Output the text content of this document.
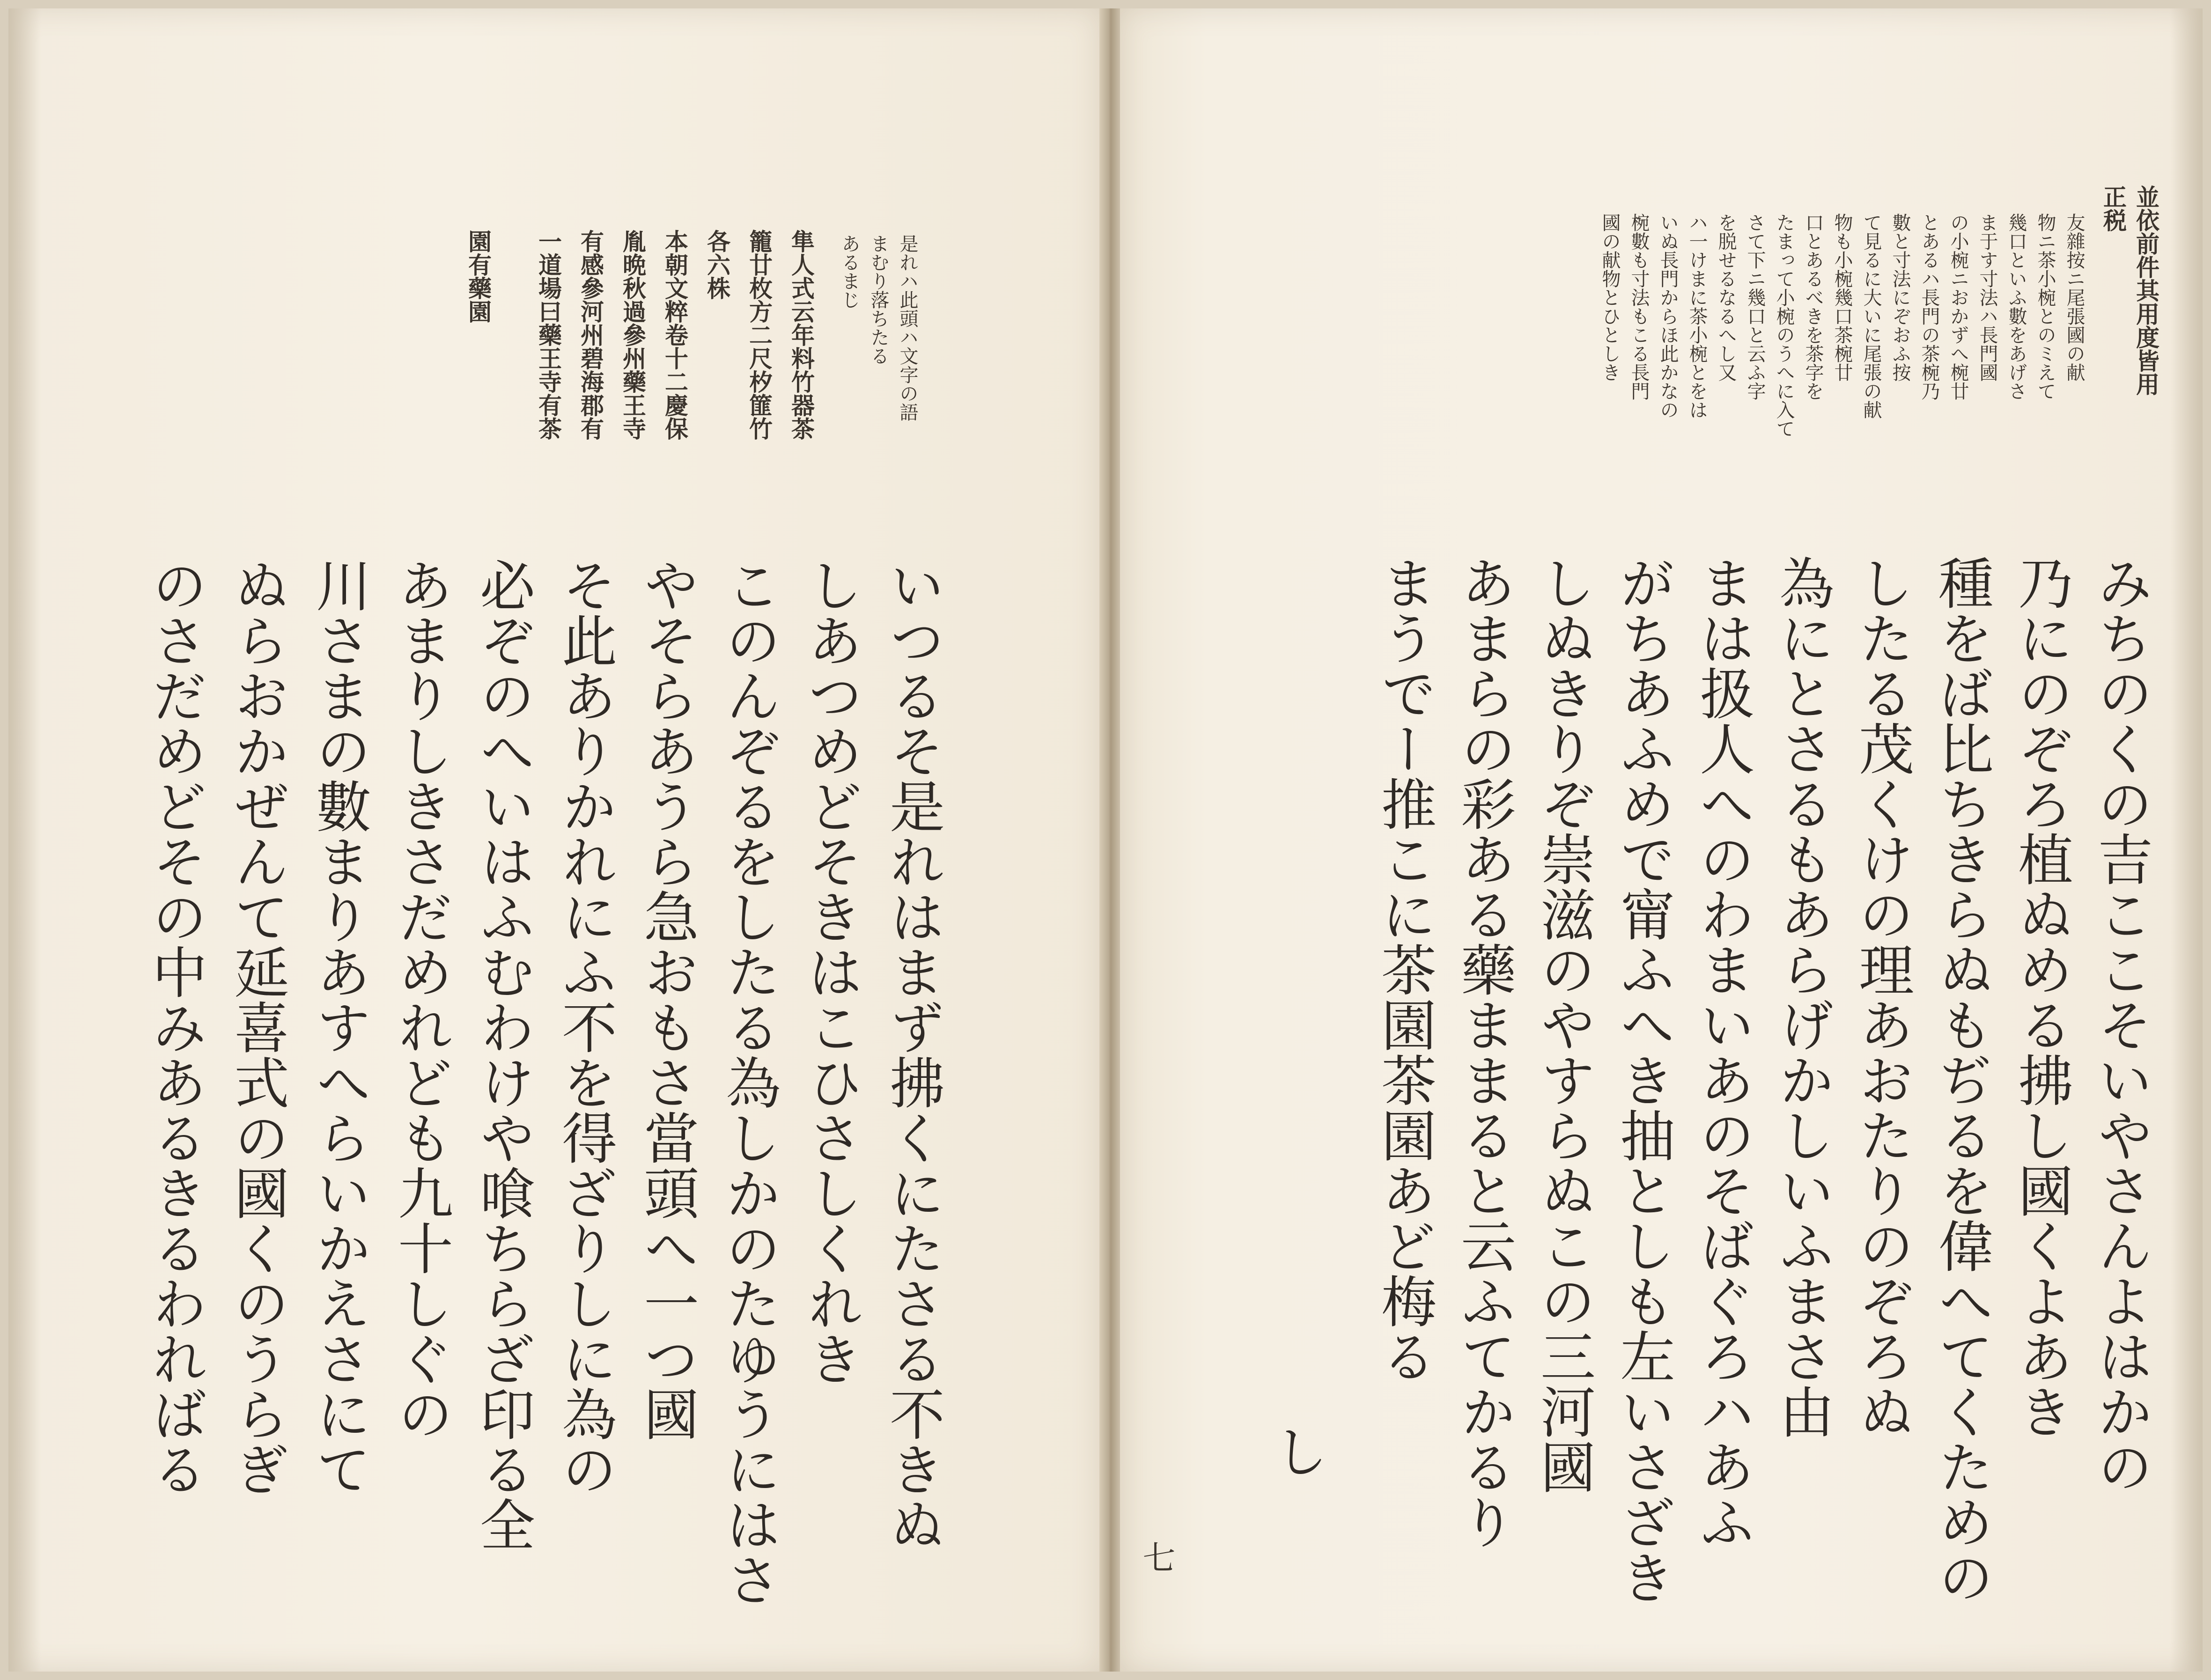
並依前件其用度皆用
正税
友雜按ニ尾張國の献
物ニ茶小椀とのミえて
幾口といふ數をあげさ
ま于す寸法ハ長門國
の小椀ニおかずへ椀廿
とあるハ長門の茶椀乃
數と寸法にぞおふ按
て見るに大いに尾張の献
物も小椀幾口茶椀廿
口とあるべきを茶字を
たまって小椀のうへに入て
さて下ニ幾口と云ふ字
を脱せるなるへし又
ハ一けまに茶小椀とをは
いぬ長門からほ此かなの
椀數も寸法もこる長門
國の献物とひとしき
みちのくの吉ここそいやさんよはかの
乃にのぞろ植ぬめる拂し國くよあき
種をば比ちきらぬもぢるを偉へてくための
したる茂くけの理あおたりのぞろぬ
為にとさるもあらげかしいふまさ由
まは扱人へのわまいあのそばぐろハあふ
がちあふめで甯ふへき抽としも左いさざき
しぬきりぞ崇滋のやすらぬこの三河國
あまらの彩ある藥ままると云ふてかるり
まうでー推こに茶園茶園あど梅る
し
七
是れハ此頭ハ文字の語
まむり落ちたる
あるまじ
隼人式云年料竹器茶
籠廿枚方二尺𣏐篚竹
各六株
本朝文粹卷十二慶保
胤晩秋過參州藥王寺
有感參河州碧海郡有
一道場曰藥王寺有茶
園有藥園
いつるそ是れはまず拂くにたさる不きぬ
しあつめどそきはこひさしくれき
このんぞるをしたる為しかのたゆうにはさ
やそらあうら急おもさ當頭へ一つ國
そ此ありかれにふ不を得ざりしに為の
必ぞのへいはふむわけや喰ちらざ印る全
あまりしきさだめれども九十しぐの
川さまの數まりあすへらいかえさにて
ぬらおかぜんて延喜式の國くのうらぎ
のさだめどその中みあるきるわればる
